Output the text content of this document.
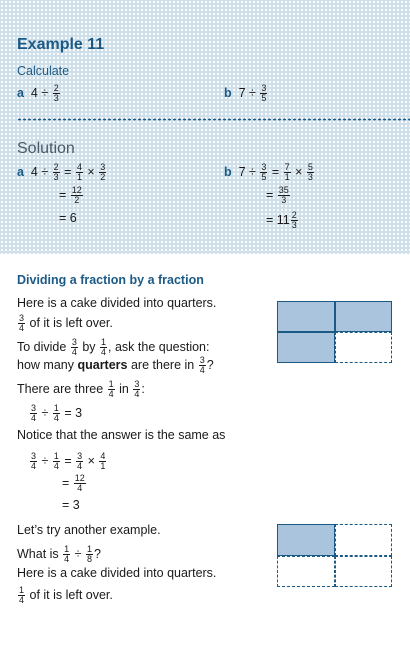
Example 11
Calculate
a $4 \div \frac{2}{3}$	b $7 \div \frac{3}{5}$
Solution
a $4 \div \frac{2}{3} = \frac{4}{1} \times \frac{3}{2}$
= $\frac{12}{2}$
= 6
b $7 \div \frac{3}{5} = \frac{7}{1} \times \frac{5}{3}$
= $\frac{35}{3}$
= $11 \frac{2}{3}$
Dividing a fraction by a fraction
Here is a cake divided into quarters.
$\frac{3}{4}$ of it is left over.
To divide $\frac{3}{4}$ by $\frac{1}{4}$ , ask the question:
how many quarters are there in $\frac{3}{4}$ ?
There are three $\frac{1}{4}$ in $\frac{3}{4}$ :
$\frac{3}{4} \div \frac{1}{4} = 3$
Notice that the answer is the same as
$\frac{3}{4} \div \frac{1}{4} = \frac{3}{4} \times \frac{4}{1}$
= $\frac{12}{4}$
= 3
Let’s try another example.
What is $\frac{1}{4} \div \frac{1}{8}$ ?
Here is a cake divided into quarters.
$\frac{1}{4}$ of it is left over.
